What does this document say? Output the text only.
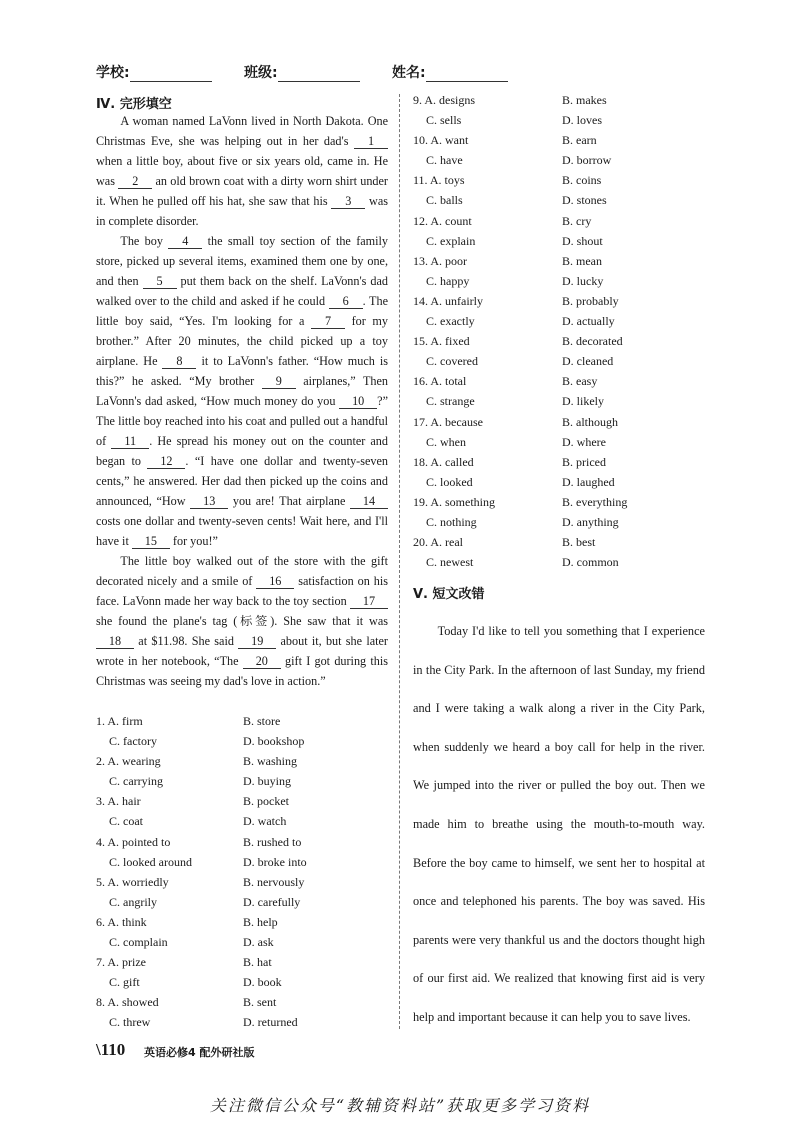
学校:	班级:	姓名:
Ⅳ. 完形填空

A woman named LaVonn lived in North Dakota. One Christmas Eve, she was helping out in her dad's 1 when a little boy, about five or six years old, came in. He was 2 an old brown coat with a dirty worn shirt under it. When he pulled off his hat, she saw that his 3 was in complete disorder.

The boy 4 the small toy section of the family store, picked up several items, examined them one by one, and then 5 put them back on the shelf. LaVonn's dad walked over to the child and asked if he could 6 . The little boy said, “Yes. I'm looking for a 7 for my brother.” After 20 minutes, the child picked up a toy airplane. He 8 it to LaVonn's father. “How much is this?” he asked. “My brother 9 airplanes,” Then LaVonn's dad asked, “How much money do you 10 ?” The little boy reached into his coat and pulled out a handful of 11 . He spread his money out on the counter and began to 12 . “I have one dollar and twenty-seven cents,” he answered. Her dad then picked up the coins and announced, “How 13 you are! That airplane 14 costs one dollar and twenty-seven cents! Wait here, and I'll have it 15 for you!”

The little boy walked out of the store with the gift decorated nicely and a smile of 16 satisfaction on his face. LaVonn made her way back to the toy section 17 she found the plane's tag (标签). She saw that it was 18 at $11.98. She said 19 about it, but she later wrote in her notebook, “The 20 gift I got during this Christmas was seeing my dad's love in action.”

1. A. firm	B. store
C. factory	D. bookshop
2. A. wearing	B. washing
C. carrying	D. buying
3. A. hair	B. pocket
C. coat	D. watch
4. A. pointed to	B. rushed to
C. looked around	D. broke into
5. A. worriedly	B. nervously
C. angrily	D. carefully
6. A. think	B. help
C. complain	D. ask
7. A. prize	B. hat
C. gift	D. book
8. A. showed	B. sent
C. threw	D. returned
9. A. designs	B. makes
C. sells	D. loves
10. A. want	B. earn
C. have	D. borrow
11. A. toys	B. coins
C. balls	D. stones
12. A. count	B. cry
C. explain	D. shout
13. A. poor	B. mean
C. happy	D. lucky
14. A. unfairly	B. probably
C. exactly	D. actually
15. A. fixed	B. decorated
C. covered	D. cleaned
16. A. total	B. easy
C. strange	D. likely
17. A. because	B. although
C. when	D. where
18. A. called	B. priced
C. looked	D. laughed
19. A. something	B. everything
C. nothing	D. anything
20. A. real	B. best
C. newest	D. common
Ⅴ. 短文改错

Today I'd like to tell you something that I experience in the City Park. In the afternoon of last Sunday, my friend and I were taking a walk along a river in the City Park, when suddenly we heard a boy call for help in the river. We jumped into the river or pulled the boy out. Then we made him to breathe using the mouth-to-mouth way. Before the boy came to himself, we sent her to hospital at once and telephoned his parents. The boy was saved. His parents were very thankful us and the doctors thought high of our first aid. We realized that knowing first aid is very help and important because it can help you to save lives.

\110 英语必修4 配外研社版
关注微信公众号“教辅资料站”获取更多学习资料
